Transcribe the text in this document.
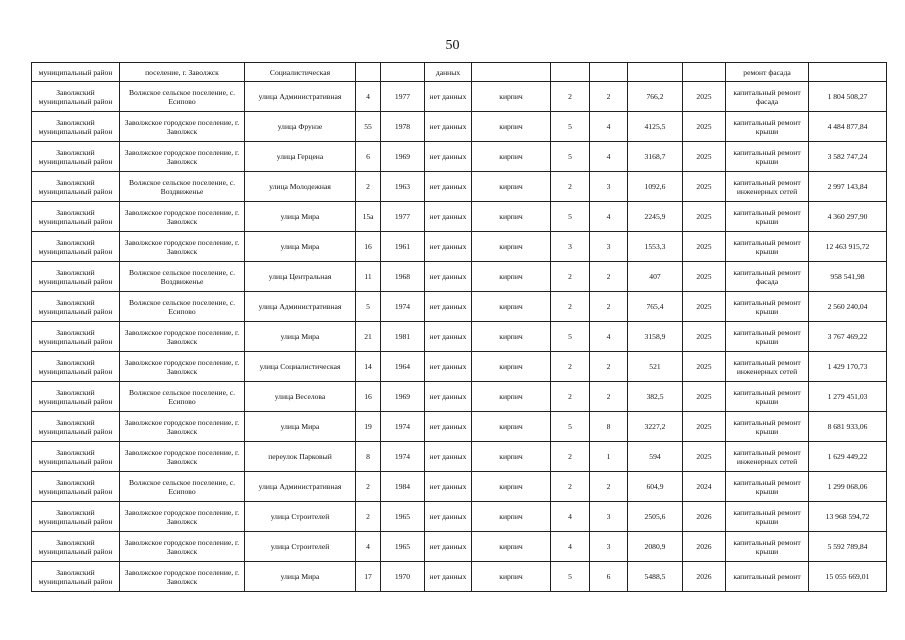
50
муниципальный район	поселение, г. Заволжск	Социалистическая			данных						ремонт фасада	
Заволжский муниципальный район	Волжское сельское поселение, с. Есипово	улица Административная	4	1977	нет данных	кирпич	2	2	766,2	2025	капитальный ремонт фасада	1 804 508,27
Заволжский муниципальный район	Заволжское городское поселение, г. Заволжск	улица Фрунзе	55	1978	нет данных	кирпич	5	4	4125,5	2025	капитальный ремонт крыши	4 484 877,84
Заволжский муниципальный район	Заволжское городское поселение, г. Заволжск	улица Герцена	6	1969	нет данных	кирпич	5	4	3168,7	2025	капитальный ремонт крыши	3 582 747,24
Заволжский муниципальный район	Волжское сельское поселение, с. Воздвиженье	улица Молодежная	2	1963	нет данных	кирпич	2	3	1092,6	2025	капитальный ремонт инженерных сетей	2 997 143,84
Заволжский муниципальный район	Заволжское городское поселение, г. Заволжск	улица Мира	15а	1977	нет данных	кирпич	5	4	2245,9	2025	капитальный ремонт крыши	4 360 297,90
Заволжский муниципальный район	Заволжское городское поселение, г. Заволжск	улица Мира	16	1961	нет данных	кирпич	3	3	1553,3	2025	капитальный ремонт крыши	12 463 915,72
Заволжский муниципальный район	Волжское сельское поселение, с. Воздвиженье	улица Центральная	11	1968	нет данных	кирпич	2	2	407	2025	капитальный ремонт фасада	958 541,98
Заволжский муниципальный район	Волжское сельское поселение, с. Есипово	улица Административная	5	1974	нет данных	кирпич	2	2	765,4	2025	капитальный ремонт крыши	2 560 240,04
Заволжский муниципальный район	Заволжское городское поселение, г. Заволжск	улица Мира	21	1981	нет данных	кирпич	5	4	3158,9	2025	капитальный ремонт крыши	3 767 469,22
Заволжский муниципальный район	Заволжское городское поселение, г. Заволжск	улица Социалистическая	14	1964	нет данных	кирпич	2	2	521	2025	капитальный ремонт инженерных сетей	1 429 170,73
Заволжский муниципальный район	Волжское сельское поселение, с. Есипово	улица Веселова	16	1969	нет данных	кирпич	2	2	382,5	2025	капитальный ремонт крыши	1 279 451,03
Заволжский муниципальный район	Заволжское городское поселение, г. Заволжск	улица Мира	19	1974	нет данных	кирпич	5	8	3227,2	2025	капитальный ремонт крыши	8 681 933,06
Заволжский муниципальный район	Заволжское городское поселение, г. Заволжск	переулок Парковый	8	1974	нет данных	кирпич	2	1	594	2025	капитальный ремонт инженерных сетей	1 629 449,22
Заволжский муниципальный район	Волжское сельское поселение, с. Есипово	улица Административная	2	1984	нет данных	кирпич	2	2	604,9	2024	капитальный ремонт крыши	1 299 068,06
Заволжский муниципальный район	Заволжское городское поселение, г. Заволжск	улица Строителей	2	1965	нет данных	кирпич	4	3	2505,6	2026	капитальный ремонт крыши	13 968 594,72
Заволжский муниципальный район	Заволжское городское поселение, г. Заволжск	улица Строителей	4	1965	нет данных	кирпич	4	3	2080,9	2026	капитальный ремонт крыши	5 592 789,84
Заволжский муниципальный район	Заволжское городское поселение, г. Заволжск	улица Мира	17	1970	нет данных	кирпич	5	6	5488,5	2026	капитальный ремонт	15 055 669,01
